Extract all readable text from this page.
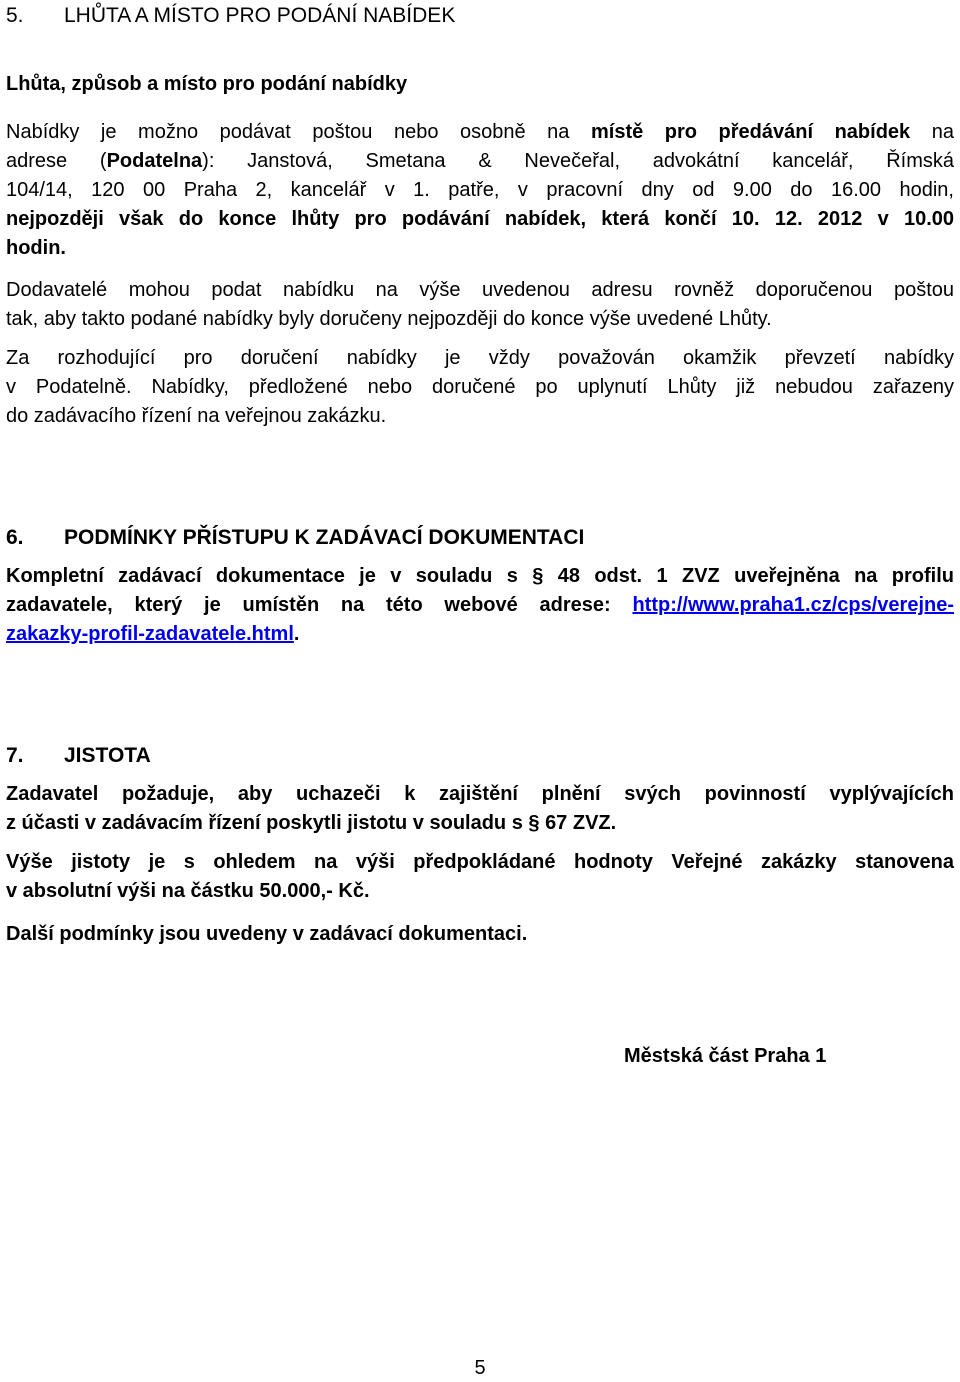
5. LHŮTA A MÍSTO PRO PODÁNÍ NABÍDEK
Lhůta, způsob a místo pro podání nabídky
Nabídky je možno podávat poštou nebo osobně na místě pro předávání nabídek na
adrese (Podatelna): Janstová, Smetana & Nevečeřal, advokátní kancelář, Římská
104/14, 120 00 Praha 2, kancelář v 1. patře, v pracovní dny od 9.00 do 16.00 hodin,
nejpozději však do konce lhůty pro podávání nabídek, která končí 10. 12. 2012 v 10.00
hodin.
Dodavatelé mohou podat nabídku na výše uvedenou adresu rovněž doporučenou poštou
tak, aby takto podané nabídky byly doručeny nejpozději do konce výše uvedené Lhůty.
Za rozhodující pro doručení nabídky je vždy považován okamžik převzetí nabídky
v Podatelně. Nabídky, předložené nebo doručené po uplynutí Lhůty již nebudou zařazeny
do zadávacího řízení na veřejnou zakázku.
6. PODMÍNKY PŘÍSTUPU K ZADÁVACÍ DOKUMENTACI
Kompletní zadávací dokumentace je v souladu s § 48 odst. 1 ZVZ uveřejněna na profilu
zadavatele, který je umístěn na této webové adrese: http://www.praha1.cz/cps/verejne-
zakazky-profil-zadavatele.html.
7. JISTOTA
Zadavatel požaduje, aby uchazeči k zajištění plnění svých povinností vyplývajících
z účasti v zadávacím řízení poskytli jistotu v souladu s § 67 ZVZ.
Výše jistoty je s ohledem na výši předpokládané hodnoty Veřejné zakázky stanovena
v absolutní výši na částku 50.000,- Kč.
Další podmínky jsou uvedeny v zadávací dokumentaci.
Městská část Praha 1
5
